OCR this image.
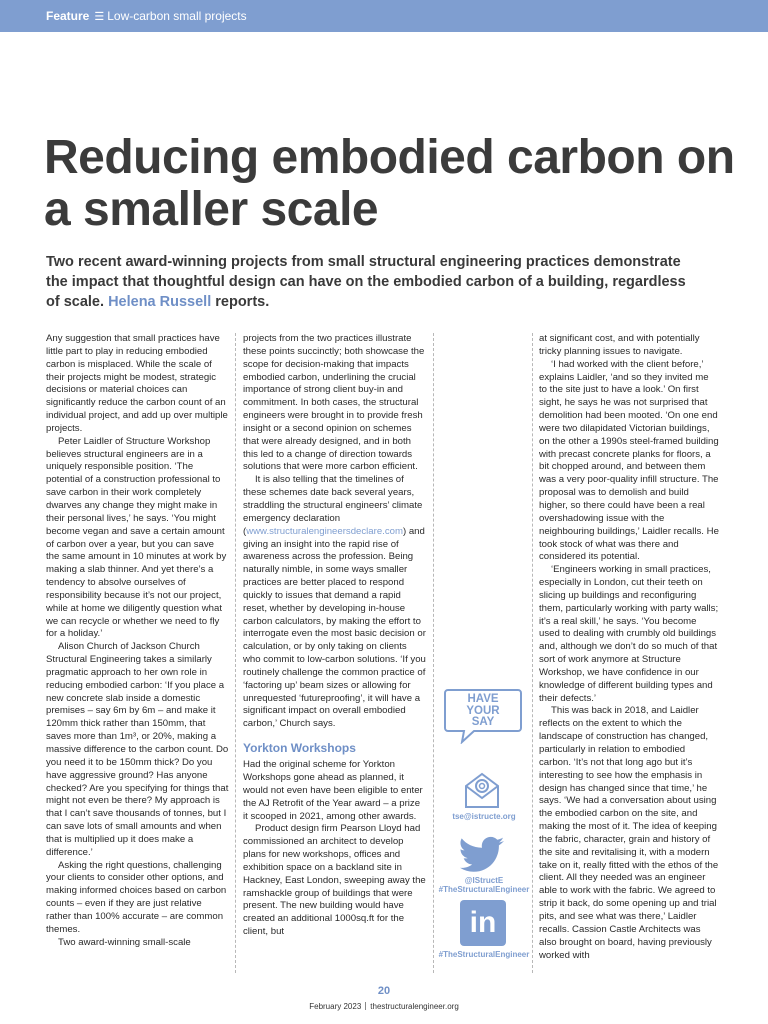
Feature ☰ Low-carbon small projects
Reducing embodied carbon on a smaller scale
Two recent award-winning projects from small structural engineering practices demonstrate the impact that thoughtful design can have on the embodied carbon of a building, regardless of scale. Helena Russell reports.

Any suggestion that small practices have little part to play in reducing embodied carbon is misplaced. While the scale of their projects might be modest, strategic decisions or material choices can significantly reduce the carbon count of an individual project, and add up over multiple projects.

Peter Laidler of Structure Workshop believes structural engineers are in a uniquely responsible position. ‘The potential of a construction professional to save carbon in their work completely dwarves any change they might make in their personal lives,’ he says. ‘You might become vegan and save a certain amount of carbon over a year, but you can save the same amount in 10 minutes at work by making a slab thinner. And yet there’s a tendency to absolve ourselves of responsibility because it’s not our project, while at home we diligently question what we can recycle or whether we need to fly for a holiday.’

Alison Church of Jackson Church Structural Engineering takes a similarly pragmatic approach to her own role in reducing embodied carbon: ‘If you place a new concrete slab inside a domestic premises – say 6m by 6m – and make it 120mm thick rather than 150mm, that saves more than 1m³, or 20%, making a massive difference to the carbon count. Do you need it to be 150mm thick? Do you have aggressive ground? Has anyone checked? Are you specifying for things that might not even be there? My approach is that I can’t save thousands of tonnes, but I can save lots of small amounts and when that is multiplied up it does make a difference.’

Asking the right questions, challenging your clients to consider other options, and making informed choices based on carbon counts – even if they are just relative rather than 100% accurate – are common themes.

Two award-winning small-scale

projects from the two practices illustrate these points succinctly; both showcase the scope for decision-making that impacts embodied carbon, underlining the crucial importance of strong client buy-in and commitment. In both cases, the structural engineers were brought in to provide fresh insight or a second opinion on schemes that were already designed, and in both this led to a change of direction towards solutions that were more carbon efficient.

It is also telling that the timelines of these schemes date back several years, straddling the structural engineers’ climate emergency declaration (www.structuralengineersdeclare.com) and giving an insight into the rapid rise of awareness across the profession. Being naturally nimble, in some ways smaller practices are better placed to respond quickly to issues that demand a rapid reset, whether by developing in-house carbon calculators, by making the effort to interrogate even the most basic decision or calculation, or by only taking on clients who commit to low-carbon solutions. ‘If you routinely challenge the common practice of ‘factoring up’ beam sizes or allowing for unrequested ‘futureproofing’, it will have a significant impact on overall embodied carbon,’ Church says.

Yorkton Workshops

Had the original scheme for Yorkton Workshops gone ahead as planned, it would not even have been eligible to enter the AJ Retrofit of the Year award – a prize it scooped in 2021, among other awards.

Product design firm Pearson Lloyd had commissioned an architect to develop plans for new workshops, offices and exhibition space on a backland site in Hackney, East London, sweeping away the ramshackle group of buildings that were present. The new building would have created an additional 1000sq.ft for the client, but

HAVE
YOUR
SAY
tse@istructe.org
@IStructE
#TheStructuralEngineer
in
#TheStructuralEngineer

at significant cost, and with potentially tricky planning issues to navigate.

‘I had worked with the client before,’ explains Laidler, ‘and so they invited me to the site just to have a look.’ On first sight, he says he was not surprised that demolition had been mooted. ‘On one end were two dilapidated Victorian buildings, on the other a 1990s steel-framed building with precast concrete planks for floors, a bit chopped around, and between them was a very poor-quality infill structure. The proposal was to demolish and build higher, so there could have been a real overshadowing issue with the neighbouring buildings,’ Laidler recalls. He took stock of what was there and considered its potential.

‘Engineers working in small practices, especially in London, cut their teeth on slicing up buildings and reconfiguring them, particularly working with party walls; it’s a real skill,’ he says. ‘You become used to dealing with crumbly old buildings and, although we don’t do so much of that sort of work anymore at Structure Workshop, we have confidence in our knowledge of different building types and their defects.’

This was back in 2018, and Laidler reflects on the extent to which the landscape of construction has changed, particularly in relation to embodied carbon. ‘It’s not that long ago but it’s interesting to see how the emphasis in design has changed since that time,’ he says. ‘We had a conversation about using the embodied carbon on the site, and making the most of it. The idea of keeping the fabric, character, grain and history of the site and revitalising it, with a modern take on it, really fitted with the ethos of the client. All they needed was an engineer able to work with the fabric. We agreed to strip it back, do some opening up and trial pits, and see what was there,’ Laidler recalls. Cassion Castle Architects was also brought on board, having previously worked with

20
February 2023 thestructuralengineer.org
